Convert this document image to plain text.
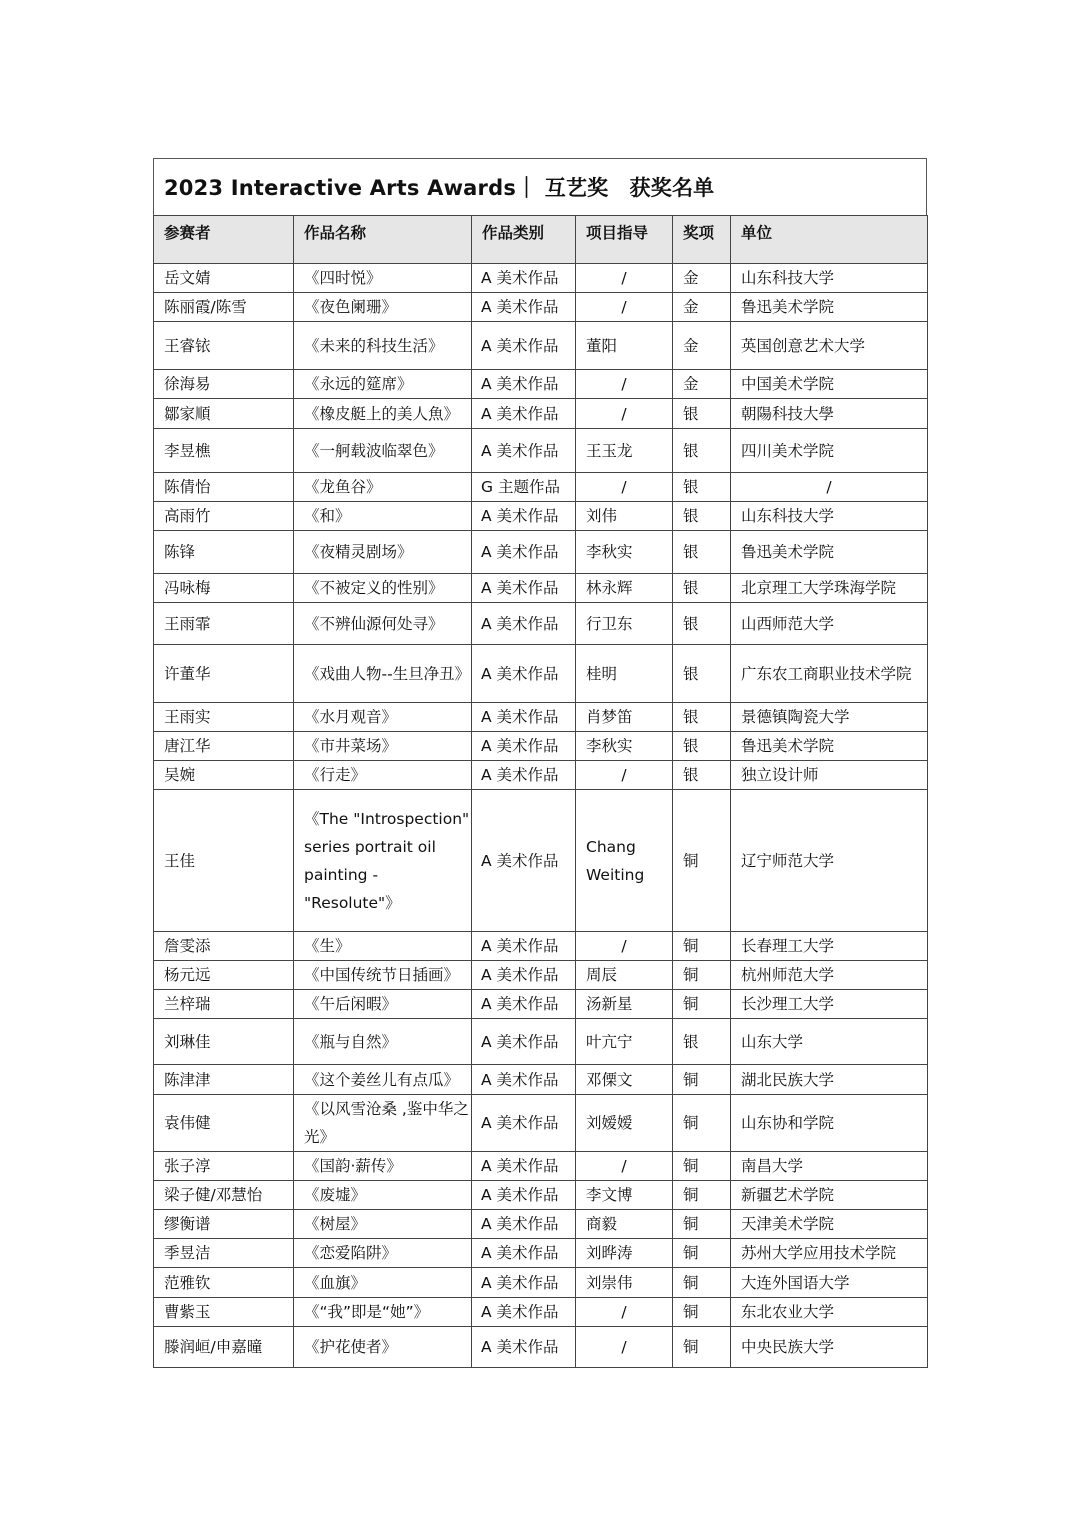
2023 Interactive Arts Awards｜ 互艺奖　获奖名单
参赛者	作品名称	作品类别	项目指导	奖项	单位
岳文婧	《四时悦》	A 美术作品	/	金	山东科技大学
陈丽霞/陈雪	《夜色阑珊》	A 美术作品	/	金	鲁迅美术学院
王睿铱	《未来的科技生活》	A 美术作品	董阳	金	英国创意艺术大学
徐海易	《永远的筵席》	A 美术作品	/	金	中国美术学院
鄒家順	《橡皮艇上的美人魚》	A 美术作品	/	银	朝陽科技大學
李昱樵	《一舸载波临翠色》	A 美术作品	王玉龙	银	四川美术学院
陈倩怡	《龙鱼谷》	G 主题作品	/	银	/
高雨竹	《和》	A 美术作品	刘伟	银	山东科技大学
陈锋	《夜精灵剧场》	A 美术作品	李秋实	银	鲁迅美术学院
冯咏梅	《不被定义的性别》	A 美术作品	林永辉	银	北京理工大学珠海学院
王雨霏	《不辨仙源何处寻》	A 美术作品	行卫东	银	山西师范大学
许董华	《戏曲人物--生旦净丑》	A 美术作品	桂明	银	广东农工商职业技术学院
王雨实	《水月观音》	A 美术作品	肖梦笛	银	景德镇陶瓷大学
唐江华	《市井菜场》	A 美术作品	李秋实	银	鲁迅美术学院
吴婉	《行走》	A 美术作品	/	银	独立设计师
王佳	《The "Introspection" series portrait oil painting - "Resolute"》	A 美术作品	Chang Weiting	铜	辽宁师范大学
詹雯添	《生》	A 美术作品	/	铜	长春理工大学
杨元远	《中国传统节日插画》	A 美术作品	周辰	铜	杭州师范大学
兰梓瑞	《午后闲暇》	A 美术作品	汤新星	铜	长沙理工大学
刘琳佳	《瓶与自然》	A 美术作品	叶亢宁	银	山东大学
陈津津	《这个姜丝儿有点瓜》	A 美术作品	邓傈文	铜	湖北民族大学
袁伟健	《以风雪沧桑 ,鉴中华之光》	A 美术作品	刘嫒嫒	铜	山东协和学院
张子淳	《国韵·薪传》	A 美术作品	/	铜	南昌大学
梁子健/邓慧怡	《废墟》	A 美术作品	李文博	铜	新疆艺术学院
缪衡谱	《树屋》	A 美术作品	商毅	铜	天津美术学院
季昱洁	《恋爱陷阱》	A 美术作品	刘晔涛	铜	苏州大学应用技术学院
范雅钦	《血旗》	A 美术作品	刘崇伟	铜	大连外国语大学
曹紫玉	《“我”即是“她”》	A 美术作品	/	铜	东北农业大学
滕润峘/申嘉曈	《护花使者》	A 美术作品	/	铜	中央民族大学
